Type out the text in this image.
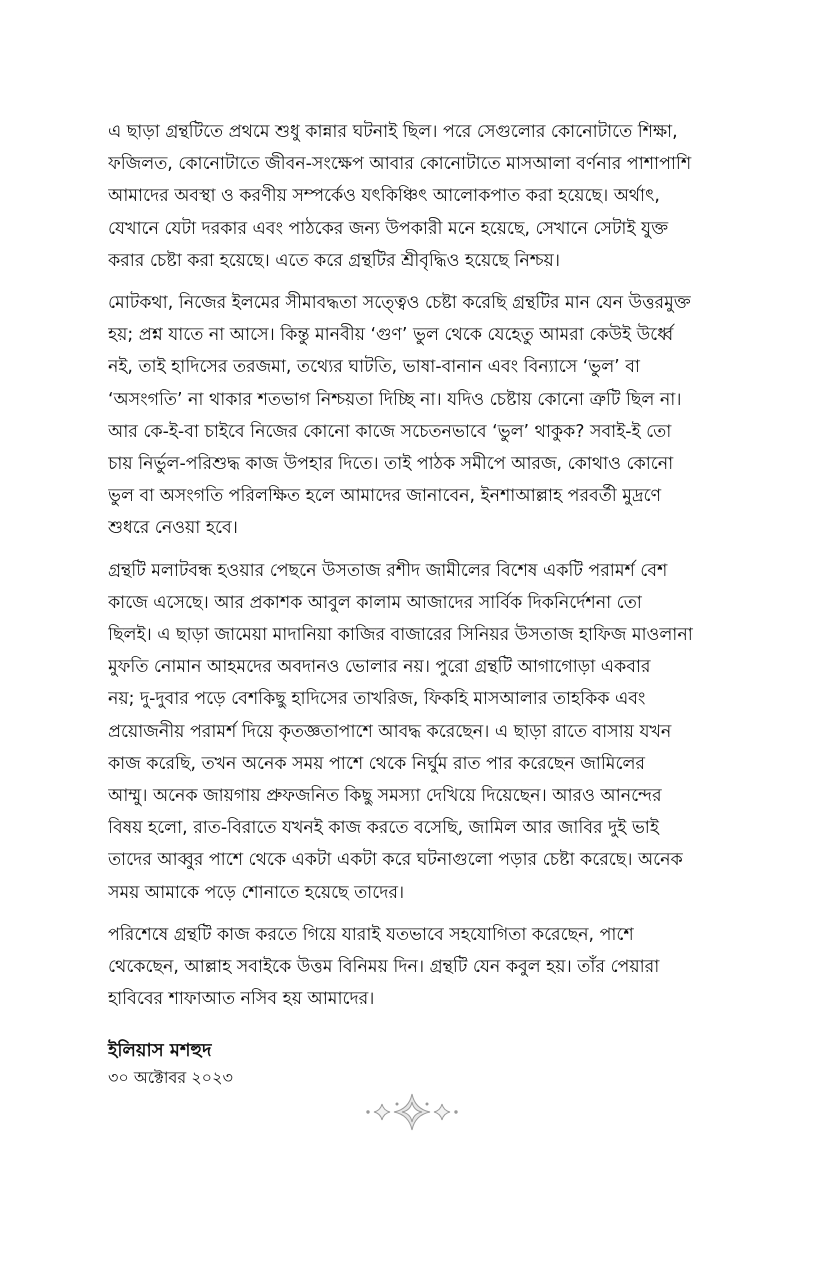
এ ছাড়া গ্রন্থটিতে প্রথমে শুধু কান্নার ঘটনাই ছিল। পরে সেগুলোর কোনোটাতে শিক্ষা,
ফজিলত, কোনোটাতে জীবন-সংক্ষেপ আবার কোনোটাতে মাসআলা বর্ণনার পাশাপাশি
আমাদের অবস্থা ও করণীয় সম্পর্কেও যৎকিঞ্চিৎ আলোকপাত করা হয়েছে। অর্থাৎ,
যেখানে যেটা দরকার এবং পাঠকের জন্য উপকারী মনে হয়েছে, সেখানে সেটাই যুক্ত
করার চেষ্টা করা হয়েছে। এতে করে গ্রন্থটির শ্রীবৃদ্ধিও হয়েছে নিশ্চয়।

মোটকথা, নিজের ইলমের সীমাবদ্ধতা সত্ত্বেও চেষ্টা করেছি গ্রন্থটির মান যেন উত্তরমুক্ত
হয়; প্রশ্ন যাতে না আসে। কিন্তু মানবীয় ‘গুণ’ ভুল থেকে যেহেতু আমরা কেউই উর্ধ্বে
নই, তাই হাদিসের তরজমা, তথ্যের ঘাটতি, ভাষা-বানান এবং বিন্যাসে ‘ভুল’ বা
‘অসংগতি’ না থাকার শতভাগ নিশ্চয়তা দিচ্ছি না। যদিও চেষ্টায় কোনো ত্রুটি ছিল না।
আর কে-ই-বা চাইবে নিজের কোনো কাজে সচেতনভাবে ‘ভুল’ থাকুক? সবাই-ই তো
চায় নির্ভুল-পরিশুদ্ধ কাজ উপহার দিতে। তাই পাঠক সমীপে আরজ, কোথাও কোনো
ভুল বা অসংগতি পরিলক্ষিত হলে আমাদের জানাবেন, ইনশাআল্লাহ পরবর্তী মুদ্রণে
শুধরে নেওয়া হবে।

গ্রন্থটি মলাটবন্ধ হওয়ার পেছনে উসতাজ রশীদ জামীলের বিশেষ একটি পরামর্শ বেশ
কাজে এসেছে। আর প্রকাশক আবুল কালাম আজাদের সার্বিক দিকনির্দেশনা তো
ছিলই। এ ছাড়া জামেয়া মাদানিয়া কাজির বাজারের সিনিয়র উসতাজ হাফিজ মাওলানা
মুফতি নোমান আহমদের অবদানও ভোলার নয়। পুরো গ্রন্থটি আগাগোড়া একবার
নয়; দু-দুবার পড়ে বেশকিছু হাদিসের তাখরিজ, ফিকহি মাসআলার তাহকিক এবং
প্রয়োজনীয় পরামর্শ দিয়ে কৃতজ্ঞতাপাশে আবদ্ধ করেছেন। এ ছাড়া রাতে বাসায় যখন
কাজ করেছি, তখন অনেক সময় পাশে থেকে নির্ঘুম রাত পার করেছেন জামিলের
আম্মু। অনেক জায়গায় প্রুফজনিত কিছু সমস্যা দেখিয়ে দিয়েছেন। আরও আনন্দের
বিষয় হলো, রাত-বিরাতে যখনই কাজ করতে বসেছি, জামিল আর জাবির দুই ভাই
তাদের আব্বুর পাশে থেকে একটা একটা করে ঘটনাগুলো পড়ার চেষ্টা করেছে। অনেক
সময় আমাকে পড়ে শোনাতে হয়েছে তাদের।

পরিশেষে গ্রন্থটি কাজ করতে গিয়ে যারাই যতভাবে সহযোগিতা করেছেন, পাশে
থেকেছেন, আল্লাহ সবাইকে উত্তম বিনিময় দিন। গ্রন্থটি যেন কবুল হয়। তাঁর পেয়ারা
হাবিবের শাফাআত নসিব হয় আমাদের।

ইলিয়াস মশহুদ
৩০ অক্টোবর ২০২৩
